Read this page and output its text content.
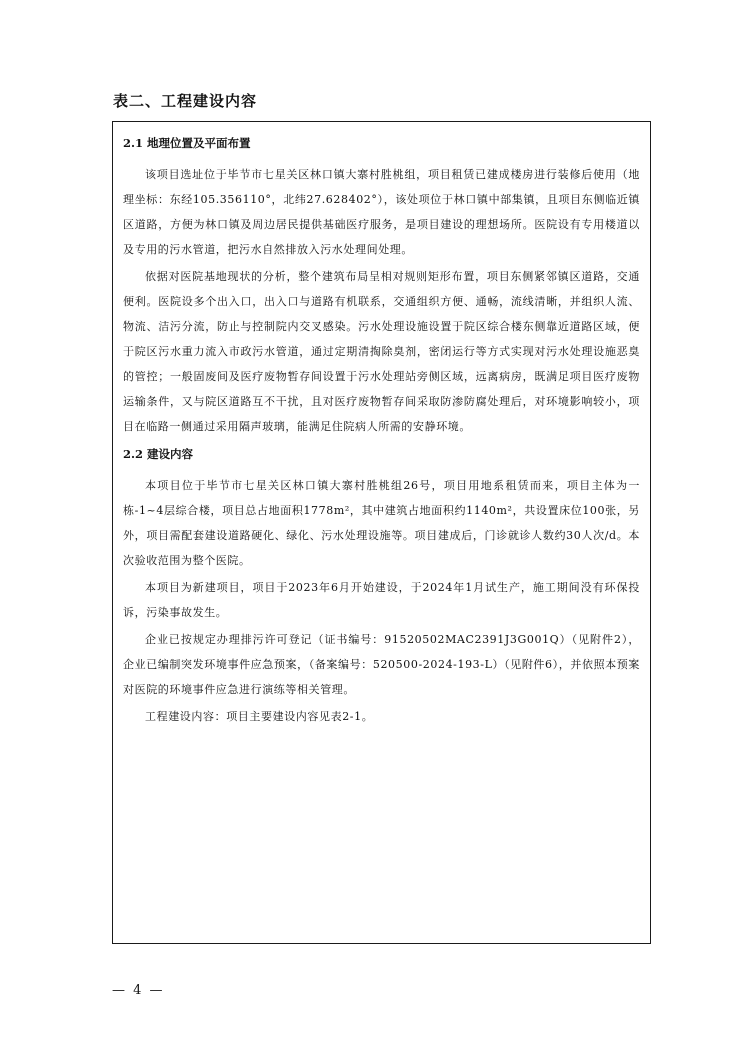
表二、工程建设内容
2.1 地理位置及平面布置

该项目选址位于毕节市七星关区林口镇大寨村胜桃组，项目租赁已建成楼房进行装修后使用（地理坐标：东经105.356110°，北纬27.628402°），该处项位于林口镇中部集镇，且项目东侧临近镇区道路，方便为林口镇及周边居民提供基础医疗服务，是项目建设的理想场所。医院设有专用楼道以及专用的污水管道，把污水自然排放入污水处理间处理。

依据对医院基地现状的分析，整个建筑布局呈相对规则矩形布置，项目东侧紧邻镇区道路，交通便利。医院设多个出入口，出入口与道路有机联系，交通组织方便、通畅，流线清晰，并组织人流、物流、洁污分流，防止与控制院内交叉感染。污水处理设施设置于院区综合楼东侧靠近道路区域，便于院区污水重力流入市政污水管道，通过定期清掏除臭剂，密闭运行等方式实现对污水处理设施恶臭的管控；一般固废间及医疗废物暂存间设置于污水处理站旁侧区域，远离病房，既满足项目医疗废物运输条件，又与院区道路互不干扰，且对医疗废物暂存间采取防渗防腐处理后，对环境影响较小，项目在临路一侧通过采用隔声玻璃，能满足住院病人所需的安静环境。

2.2 建设内容

本项目位于毕节市七星关区林口镇大寨村胜桃组26号，项目用地系租赁而来，项目主体为一栋-1~4层综合楼，项目总占地面积1778m²，其中建筑占地面积约1140m²，共设置床位100张，另外，项目需配套建设道路硬化、绿化、污水处理设施等。项目建成后，门诊就诊人数约30人次/d。本次验收范围为整个医院。

本项目为新建项目，项目于2023年6月开始建设，于2024年1月试生产，施工期间没有环保投诉，污染事故发生。

企业已按规定办理排污许可登记（证书编号：91520502MAC2391J3G001Q）（见附件2），企业已编制突发环境事件应急预案，（备案编号：520500-2024-193-L）（见附件6），并依照本预案对医院的环境事件应急进行演练等相关管理。

工程建设内容：项目主要建设内容见表2-1。

— 4 —
